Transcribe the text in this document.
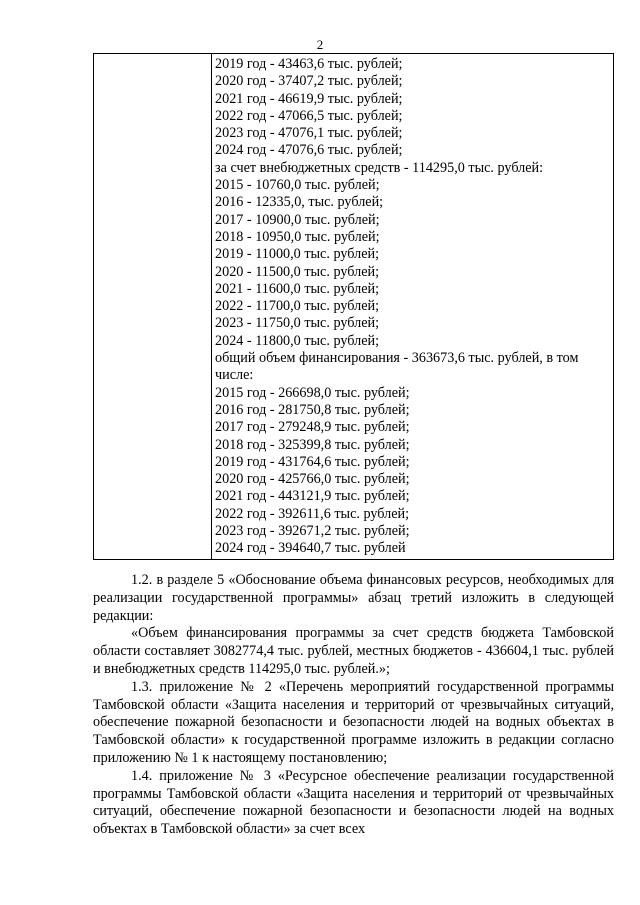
2

2019 год - 43463,6 тыс. рублей;
2020 год - 37407,2 тыс. рублей;
2021 год - 46619,9 тыс. рублей;
2022 год - 47066,5 тыс. рублей;
2023 год - 47076,1 тыс. рублей;
2024 год - 47076,6 тыс. рублей;
за счет внебюджетных средств - 114295,0 тыс. рублей:
2015 - 10760,0 тыс. рублей;
2016 - 12335,0, тыс. рублей;
2017 - 10900,0 тыс. рублей;
2018 - 10950,0 тыс. рублей;
2019 - 11000,0 тыс. рублей;
2020 - 11500,0 тыс. рублей;
2021 - 11600,0 тыс. рублей;
2022 - 11700,0 тыс. рублей;
2023 - 11750,0 тыс. рублей;
2024 - 11800,0 тыс. рублей;
общий объем финансирования - 363673,6 тыс. рублей, в том числе:
2015 год - 266698,0 тыс. рублей;
2016 год - 281750,8 тыс. рублей;
2017 год - 279248,9 тыс. рублей;
2018 год - 325399,8 тыс. рублей;
2019 год - 431764,6 тыс. рублей;
2020 год - 425766,0 тыс. рублей;
2021 год - 443121,9 тыс. рублей;
2022 год - 392611,6 тыс. рублей;
2023 год - 392671,2 тыс. рублей;
2024 год - 394640,7 тыс. рублей

1.2. в разделе 5 «Обоснование объема финансовых ресурсов, необходимых для реализации государственной программы» абзац третий изложить в следующей редакции:

«Объем финансирования программы за счет средств бюджета Тамбовской области составляет 3082774,4 тыс. рублей, местных бюджетов - 436604,1 тыс. рублей и внебюджетных средств 114295,0 тыс. рублей.»;

1.3. приложение № 2 «Перечень мероприятий государственной программы Тамбовской области «Защита населения и территорий от чрезвычайных ситуаций, обеспечение пожарной безопасности и безопасности людей на водных объектах в Тамбовской области» к государственной программе изложить в редакции согласно приложению № 1 к настоящему постановлению;

1.4. приложение № 3 «Ресурсное обеспечение реализации государственной программы Тамбовской области «Защита населения и территорий от чрезвычайных ситуаций, обеспечение пожарной безопасности и безопасности людей на водных объектах в Тамбовской области» за счет всех
